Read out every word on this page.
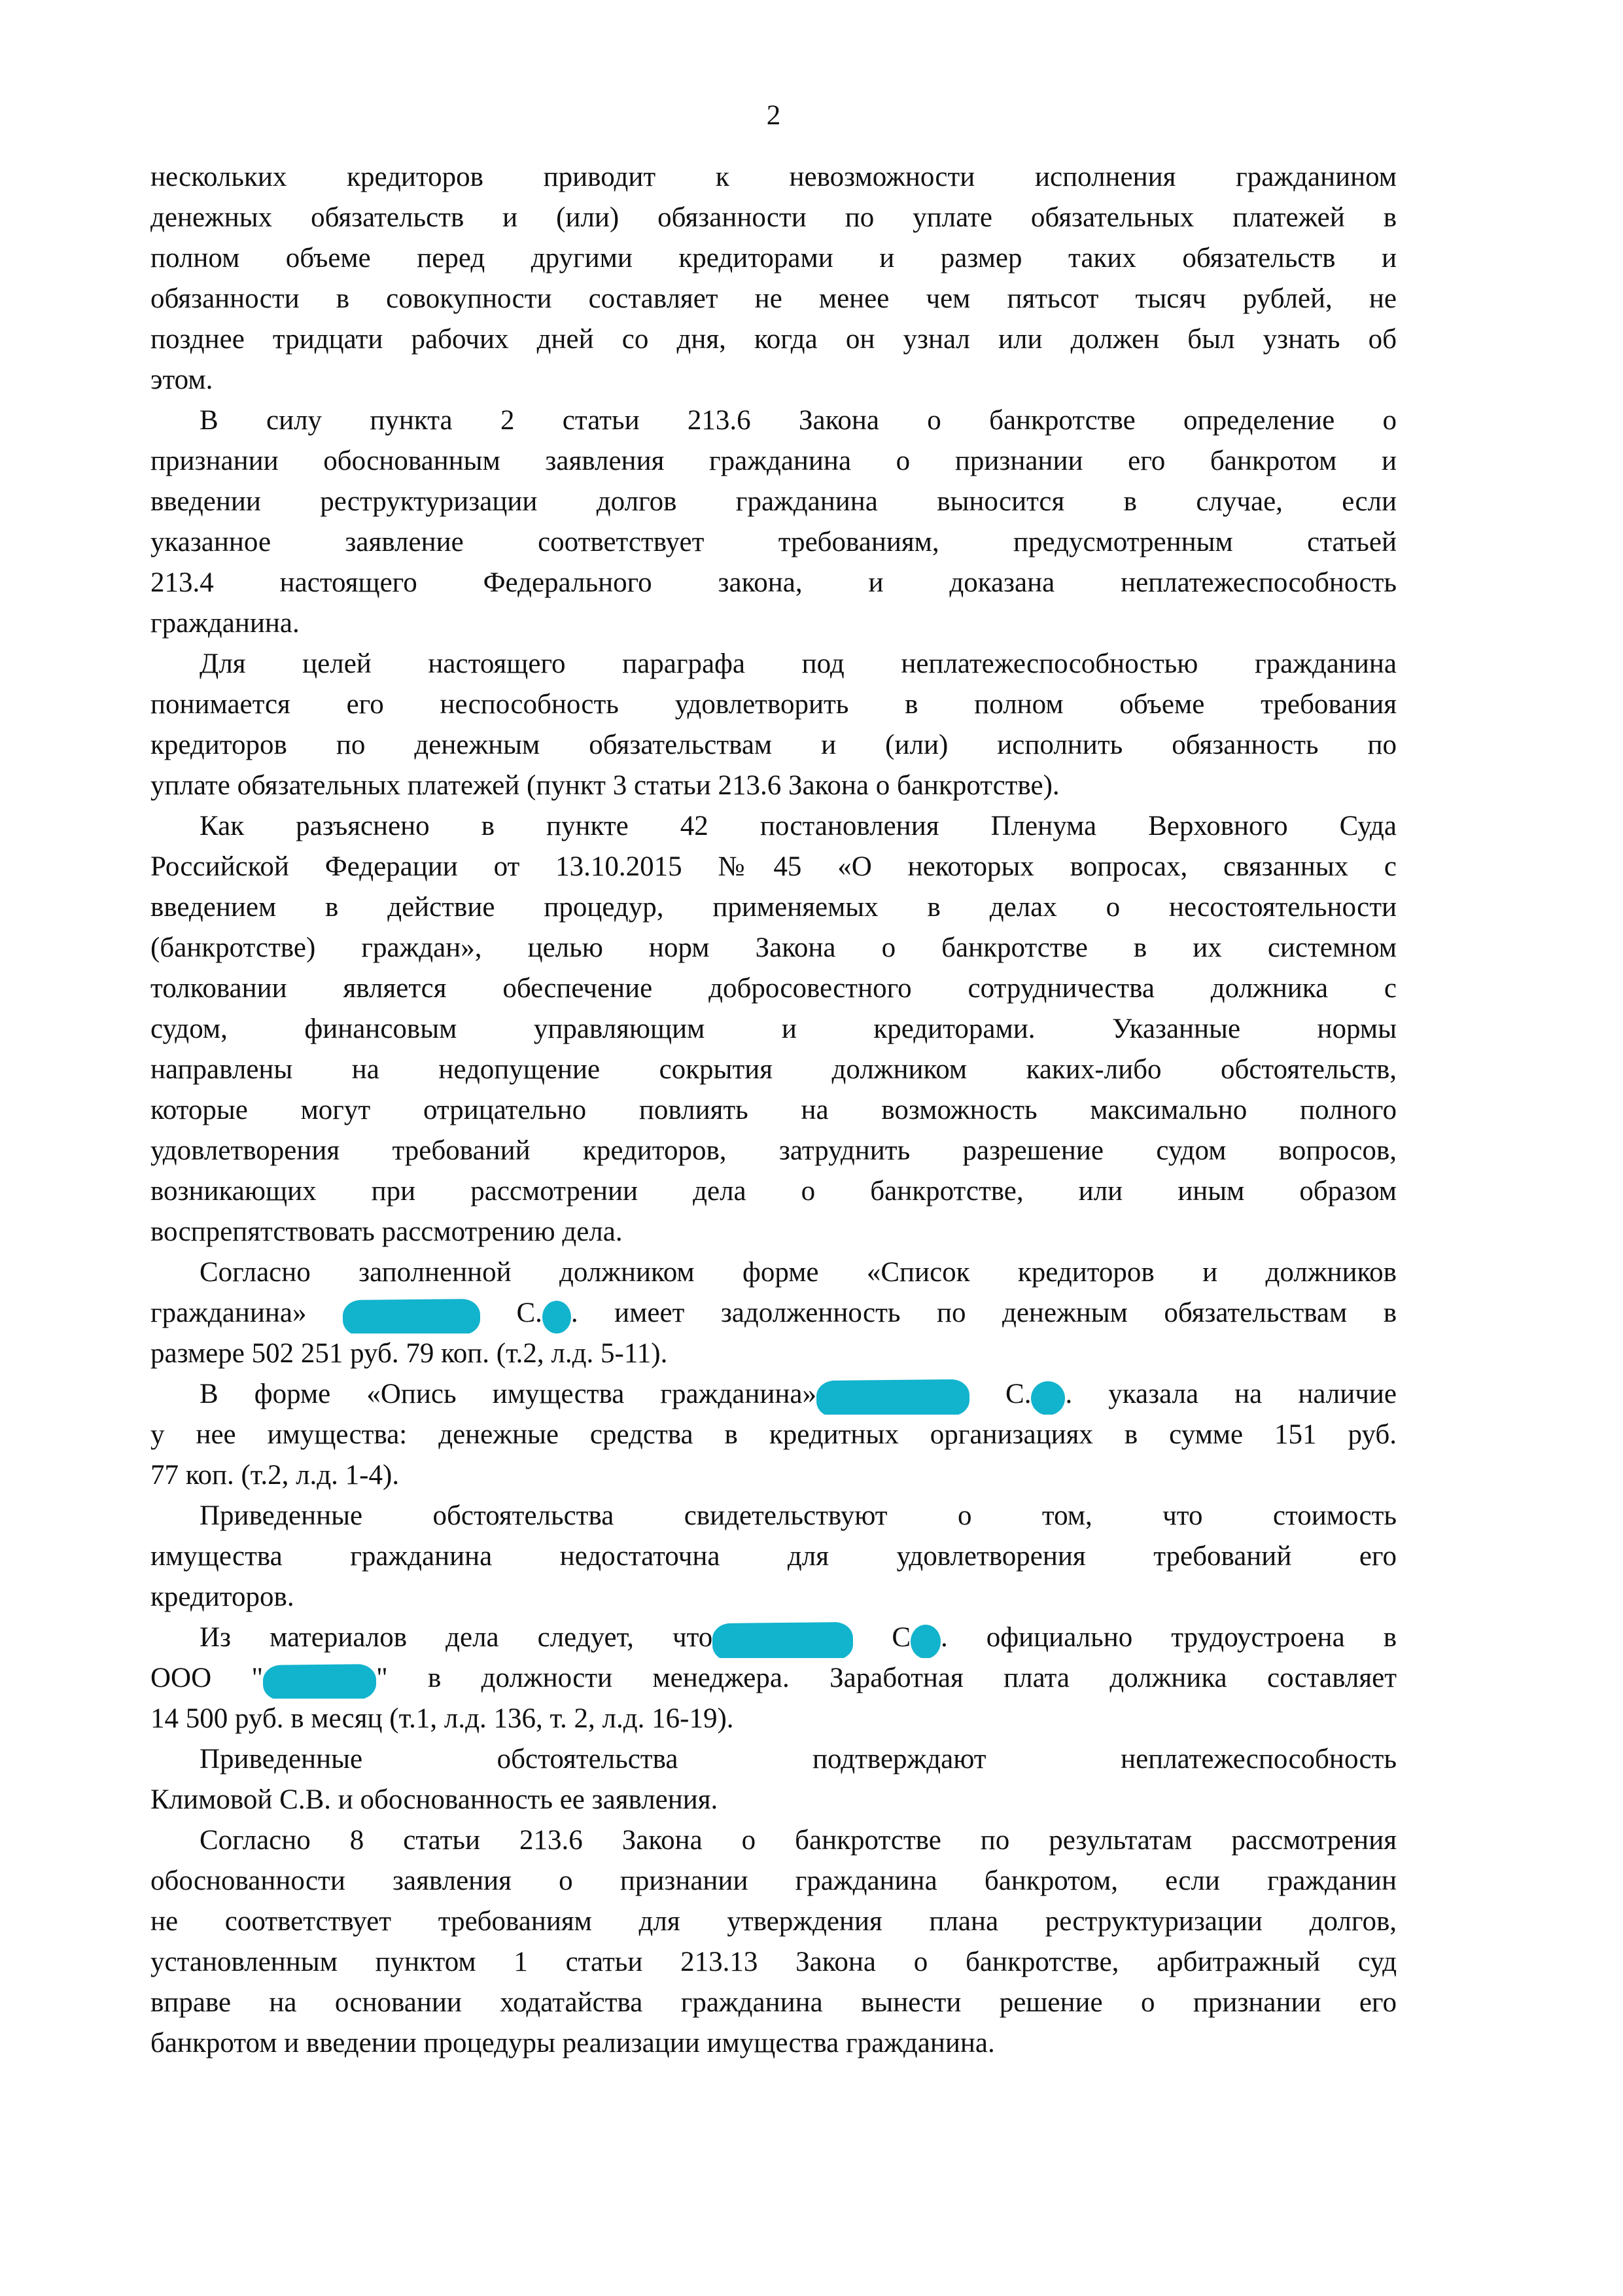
2
нескольких кредиторов приводит к невозможности исполнения гражданином
денежных обязательств и (или) обязанности по уплате обязательных платежей в
полном объеме перед другими кредиторами и размер таких обязательств и
обязанности в совокупности составляет не менее чем пятьсот тысяч рублей, не
позднее тридцати рабочих дней со дня, когда он узнал или должен был узнать об
этом.
В силу пункта 2 статьи 213.6 Закона о банкротстве определение о
признании обоснованным заявления гражданина о признании его банкротом и
введении реструктуризации долгов гражданина выносится в случае, если
указанное заявление соответствует требованиям, предусмотренным статьей
213.4 настоящего Федерального закона, и доказана неплатежеспособность
гражданина.
Для целей настоящего параграфа под неплатежеспособностью гражданина
понимается его неспособность удовлетворить в полном объеме требования
кредиторов по денежным обязательствам и (или) исполнить обязанность по
уплате обязательных платежей (пункт 3 статьи 213.6 Закона о банкротстве).
Как разъяснено в пункте 42 постановления Пленума Верховного Суда
Российской Федерации от 13.10.2015 №45 «О некоторых вопросах, связанных с
введением в действие процедур, применяемых в делах о несостоятельности
(банкротстве) граждан», целью норм Закона о банкротстве в их системном
толковании является обеспечение добросовестного сотрудничества должника с
судом, финансовым управляющим и кредиторами. Указанные нормы
направлены на недопущение сокрытия должником каких-либо обстоятельств,
которые могут отрицательно повлиять на возможность максимально полного
удовлетворения требований кредиторов, затруднить разрешение судом вопросов,
возникающих при рассмотрении дела о банкротстве, или иным образом
воспрепятствовать рассмотрению дела.
Согласно заполненной должником форме «Список кредиторов и должников
гражданина»	С. . имеет задолженность по денежным обязательствам в
размере 502 251 руб. 79 коп. (т.2, л.д. 5-11).
В форме «Опись имущества гражданина»	С. . указала на наличие
у нее имущества: денежные средства в кредитных организациях в сумме 151 руб.
77 коп. (т.2, л.д. 1-4).
Приведенные обстоятельства свидетельствуют о том, что стоимость
имущества гражданина недостаточна для удовлетворения требований его
кредиторов.
Из материалов дела следует, что	С . официально трудоустроена в
ООО "	" в должности менеджера. Заработная плата должника составляет
14 500 руб. в месяц (т.1, л.д. 136, т. 2, л.д. 16-19).
Приведенные обстоятельства подтверждают неплатежеспособность
Климовой С.В. и обоснованность ее заявления.
Согласно 8 статьи 213.6 Закона о банкротстве по результатам рассмотрения
обоснованности заявления о признании гражданина банкротом, если гражданин
не соответствует требованиям для утверждения плана реструктуризации долгов,
установленным пунктом 1 статьи 213.13 Закона о банкротстве, арбитражный суд
вправе на основании ходатайства гражданина вынести решение о признании его
банкротом и введении процедуры реализации имущества гражданина.
